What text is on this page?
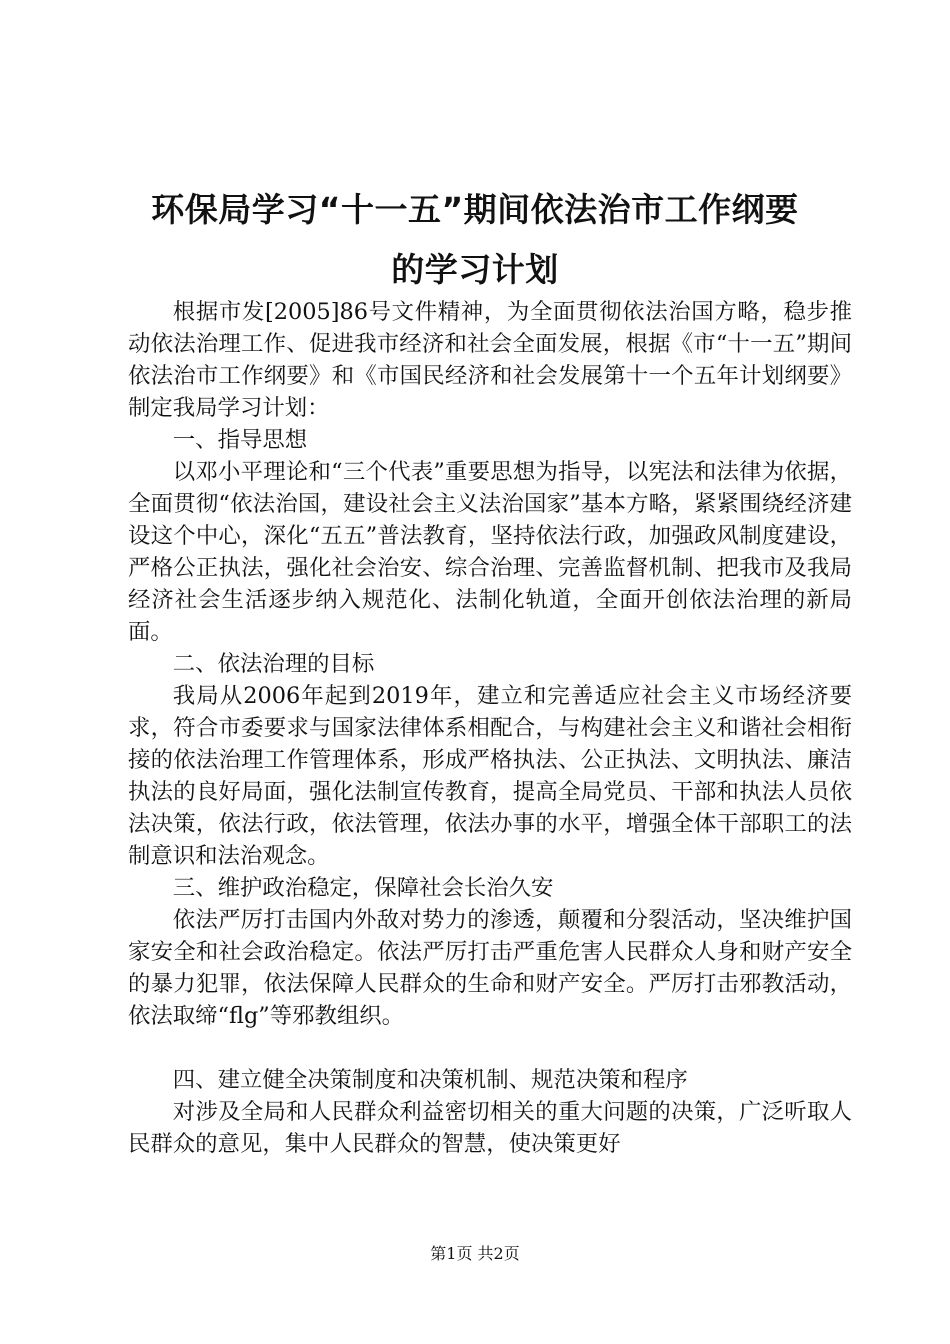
环保局学习“十一五”期间依法治市工作纲要
的学习计划

根据市发[2005]86号文件精神，为全面贯彻依法治国方略，稳步推动依法治理工作、促进我市经济和社会全面发展，根据《市“十一五”期间依法治市工作纲要》和《市国民经济和社会发展第十一个五年计划纲要》制定我局学习计划：

一、指导思想

以邓小平理论和“三个代表”重要思想为指导，以宪法和法律为依据，全面贯彻“依法治国，建设社会主义法治国家”基本方略，紧紧围绕经济建设这个中心，深化“五五”普法教育，坚持依法行政，加强政风制度建设，严格公正执法，强化社会治安、综合治理、完善监督机制、把我市及我局经济社会生活逐步纳入规范化、法制化轨道，全面开创依法治理的新局面。

二、依法治理的目标

我局从2006年起到2019年，建立和完善适应社会主义市场经济要求，符合市委要求与国家法律体系相配合，与构建社会主义和谐社会相衔接的依法治理工作管理体系，形成严格执法、公正执法、文明执法、廉洁执法的良好局面，强化法制宣传教育，提高全局党员、干部和执法人员依法决策，依法行政，依法管理，依法办事的水平，增强全体干部职工的法制意识和法治观念。

三、维护政治稳定，保障社会长治久安

依法严厉打击国内外敌对势力的渗透，颠覆和分裂活动，坚决维护国家安全和社会政治稳定。依法严厉打击严重危害人民群众人身和财产安全的暴力犯罪，依法保障人民群众的生命和财产安全。严厉打击邪教活动，依法取缔“flg”等邪教组织。

四、建立健全决策制度和决策机制、规范决策和程序

对涉及全局和人民群众利益密切相关的重大问题的决策，广泛听取人民群众的意见，集中人民群众的智慧，使决策更好

第1页 共2页
